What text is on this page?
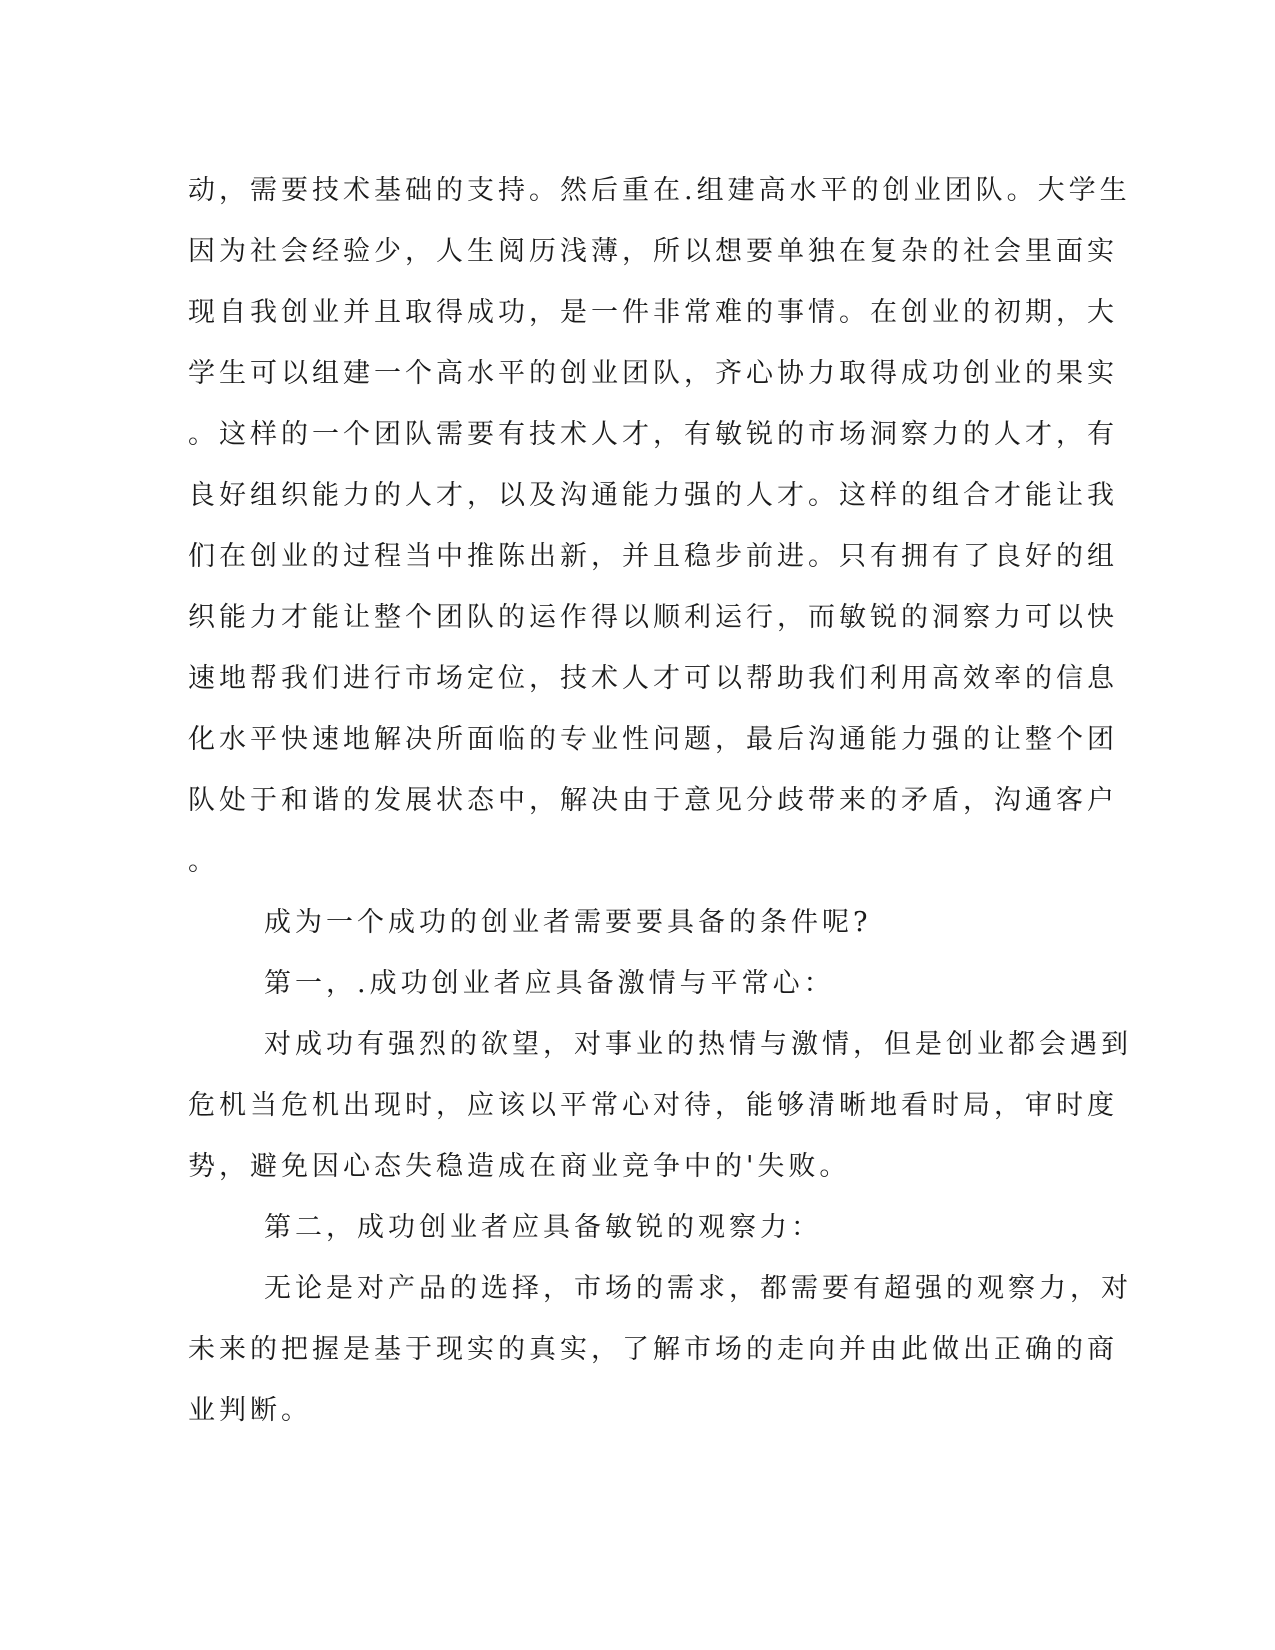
动，需要技术基础的支持。然后重在.组建高水平的创业团队。大学生
因为社会经验少，人生阅历浅薄，所以想要单独在复杂的社会里面实
现自我创业并且取得成功，是一件非常难的事情。在创业的初期，大
学生可以组建一个高水平的创业团队，齐心协力取得成功创业的果实
。这样的一个团队需要有技术人才，有敏锐的市场洞察力的人才，有
良好组织能力的人才，以及沟通能力强的人才。这样的组合才能让我
们在创业的过程当中推陈出新，并且稳步前进。只有拥有了良好的组
织能力才能让整个团队的运作得以顺利运行，而敏锐的洞察力可以快
速地帮我们进行市场定位，技术人才可以帮助我们利用高效率的信息
化水平快速地解决所面临的专业性问题，最后沟通能力强的让整个团
队处于和谐的发展状态中，解决由于意见分歧带来的矛盾，沟通客户
。
成为一个成功的创业者需要要具备的条件呢?
第一，.成功创业者应具备激情与平常心：
对成功有强烈的欲望，对事业的热情与激情，但是创业都会遇到
危机当危机出现时，应该以平常心对待，能够清晰地看时局，审时度
势，避免因心态失稳造成在商业竞争中的'失败。
第二，成功创业者应具备敏锐的观察力：
无论是对产品的选择，市场的需求，都需要有超强的观察力，对
未来的把握是基于现实的真实，了解市场的走向并由此做出正确的商
业判断。
